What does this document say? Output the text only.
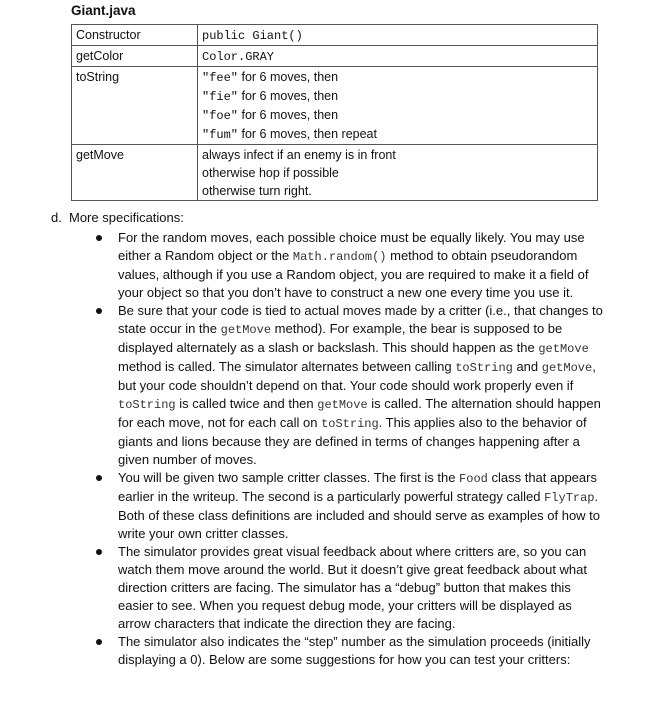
Giant.java
Constructor	public Giant()
getColor	Color.GRAY
toString	"fee" for 6 moves, then
"fie" for 6 moves, then
"foe" for 6 moves, then
"fum" for 6 moves, then repeat

getMove	always infect if an enemy is in front
otherwise hop if possible
otherwise turn right.
d. More specifications:
For the random moves, each possible choice must be equally likely. You may use either a Random object or the Math.random() method to obtain pseudorandom values, although if you use a Random object, you are required to make it a field of your object so that you don’t have to construct a new one every time you use it.
Be sure that your code is tied to actual moves made by a critter (i.e., that changes to state occur in the getMove method). For example, the bear is supposed to be displayed alternately as a slash or backslash. This should happen as the getMove method is called. The simulator alternates between calling toString and getMove, but your code shouldn’t depend on that. Your code should work properly even if toString is called twice and then getMove is called. The alternation should happen for each move, not for each call on toString. This applies also to the behavior of giants and lions because they are defined in terms of changes happening after a given number of moves.
You will be given two sample critter classes. The first is the Food class that appears earlier in the writeup. The second is a particularly powerful strategy called FlyTrap. Both of these class definitions are included and should serve as examples of how to write your own critter classes.
The simulator provides great visual feedback about where critters are, so you can watch them move around the world. But it doesn’t give great feedback about what direction critters are facing. The simulator has a “debug” button that makes this easier to see. When you request debug mode, your critters will be displayed as arrow characters that indicate the direction they are facing.
The simulator also indicates the “step” number as the simulation proceeds (initially displaying a 0). Below are some suggestions for how you can test your critters:
